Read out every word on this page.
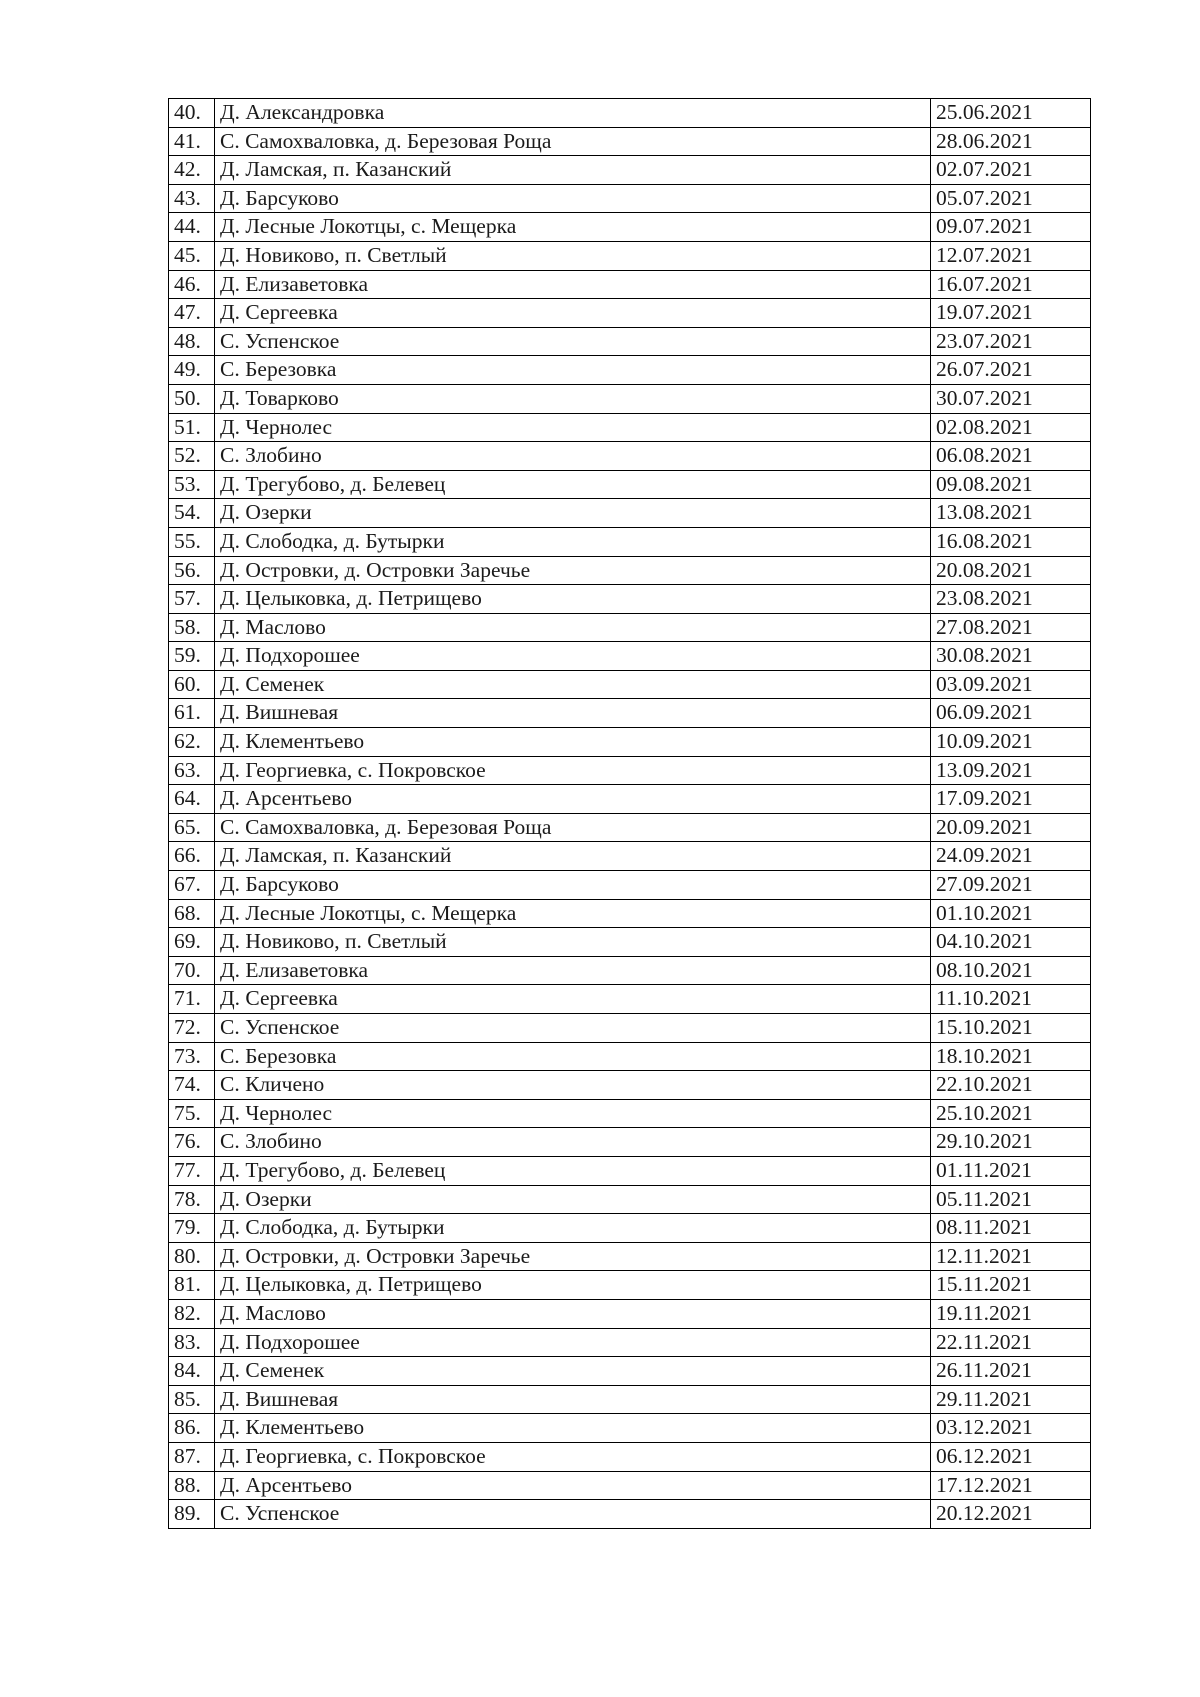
40.	Д. Александровка	25.06.2021
41.	С. Самохваловка, д. Березовая Роща	28.06.2021
42.	Д. Ламская, п. Казанский	02.07.2021
43.	Д. Барсуково	05.07.2021
44.	Д. Лесные Локотцы, с. Мещерка	09.07.2021
45.	Д. Новиково, п. Светлый	12.07.2021
46.	Д. Елизаветовка	16.07.2021
47.	Д. Сергеевка	19.07.2021
48.	С. Успенское	23.07.2021
49.	С. Березовка	26.07.2021
50.	Д. Товарково	30.07.2021
51.	Д. Чернолес	02.08.2021
52.	С. Злобино	06.08.2021
53.	Д. Трегубово, д. Белевец	09.08.2021
54.	Д. Озерки	13.08.2021
55.	Д. Слободка, д. Бутырки	16.08.2021
56.	Д. Островки, д. Островки Заречье	20.08.2021
57.	Д. Целыковка, д. Петрищево	23.08.2021
58.	Д. Маслово	27.08.2021
59.	Д. Подхорошее	30.08.2021
60.	Д. Семенек	03.09.2021
61.	Д. Вишневая	06.09.2021
62.	Д. Клементьево	10.09.2021
63.	Д. Георгиевка, с. Покровское	13.09.2021
64.	Д. Арсентьево	17.09.2021
65.	С. Самохваловка, д. Березовая Роща	20.09.2021
66.	Д. Ламская, п. Казанский	24.09.2021
67.	Д. Барсуково	27.09.2021
68.	Д. Лесные Локотцы, с. Мещерка	01.10.2021
69.	Д. Новиково, п. Светлый	04.10.2021
70.	Д. Елизаветовка	08.10.2021
71.	Д. Сергеевка	11.10.2021
72.	С. Успенское	15.10.2021
73.	С. Березовка	18.10.2021
74.	С. Кличено	22.10.2021
75.	Д. Чернолес	25.10.2021
76.	С. Злобино	29.10.2021
77.	Д. Трегубово, д. Белевец	01.11.2021
78.	Д. Озерки	05.11.2021
79.	Д. Слободка, д. Бутырки	08.11.2021
80.	Д. Островки, д. Островки Заречье	12.11.2021
81.	Д. Целыковка, д. Петрищево	15.11.2021
82.	Д. Маслово	19.11.2021
83.	Д. Подхорошее	22.11.2021
84.	Д. Семенек	26.11.2021
85.	Д. Вишневая	29.11.2021
86.	Д. Клементьево	03.12.2021
87.	Д. Георгиевка, с. Покровское	06.12.2021
88.	Д. Арсентьево	17.12.2021
89.	С. Успенское	20.12.2021
